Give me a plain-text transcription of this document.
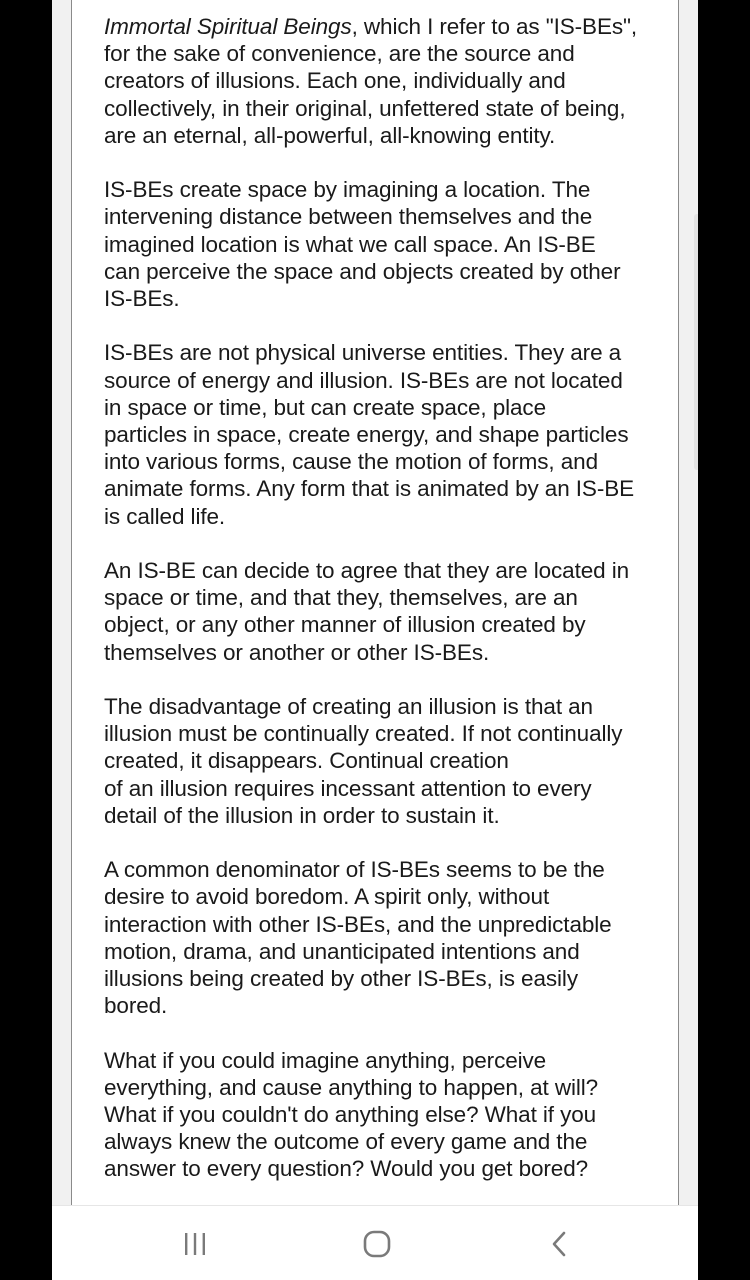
Immortal Spiritual Beings, which I refer to as "IS-BEs",
for the sake of convenience, are the source and
creators of illusions. Each one, individually and
collectively, in their original, unfettered state of being,
are an eternal, all-powerful, all-knowing entity.

IS-BEs create space by imagining a location. The
intervening distance between themselves and the
imagined location is what we call space. An IS-BE
can perceive the space and objects created by other
IS-BEs.

IS-BEs are not physical universe entities. They are a
source of energy and illusion. IS-BEs are not located
in space or time, but can create space, place
particles in space, create energy, and shape particles
into various forms, cause the motion of forms, and
animate forms. Any form that is animated by an IS-BE
is called life.

An IS-BE can decide to agree that they are located in
space or time, and that they, themselves, are an
object, or any other manner of illusion created by
themselves or another or other IS-BEs.

The disadvantage of creating an illusion is that an
illusion must be continually created. If not continually
created, it disappears. Continual creation
of an illusion requires incessant attention to every
detail of the illusion in order to sustain it.

A common denominator of IS-BEs seems to be the
desire to avoid boredom. A spirit only, without
interaction with other IS-BEs, and the unpredictable
motion, drama, and unanticipated intentions and
illusions being created by other IS-BEs, is easily
bored.

What if you could imagine anything, perceive
everything, and cause anything to happen, at will?
What if you couldn't do anything else? What if you
always knew the outcome of every game and the
answer to every question? Would you get bored?
